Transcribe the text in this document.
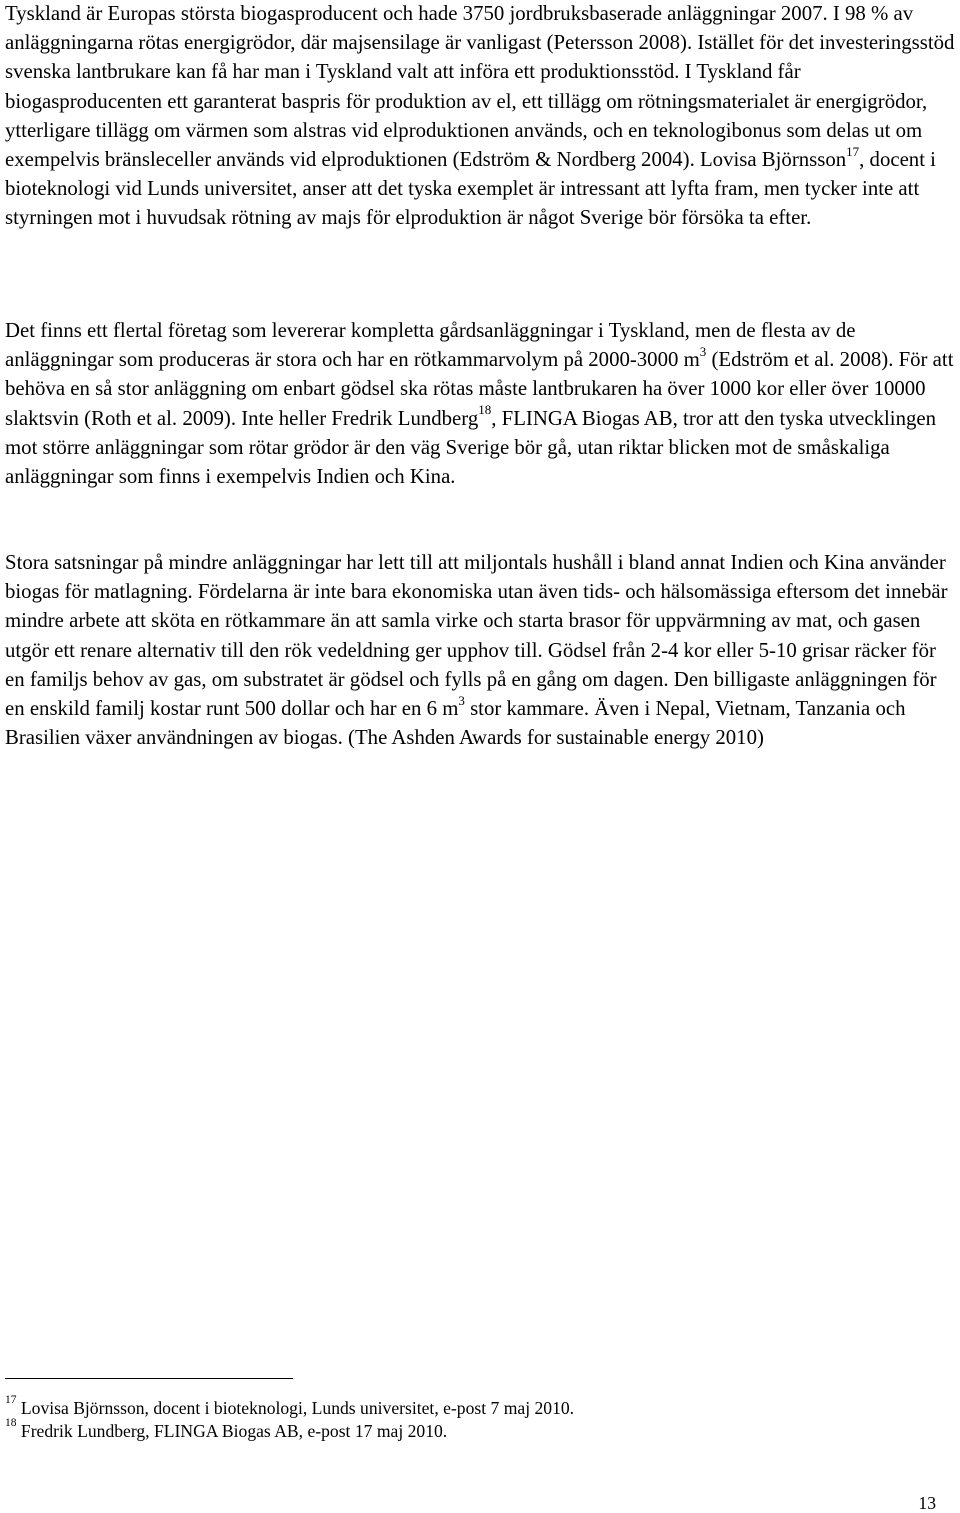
Tyskland är Europas största biogasproducent och hade 3750 jordbruksbaserade anläggningar 2007. I 98 % av anläggningarna rötas energigrödor, där majsensilage är vanligast (Petersson 2008). Istället för det investeringsstöd svenska lantbrukare kan få har man i Tyskland valt att införa ett produktionsstöd. I Tyskland får biogasproducenten ett garanterat baspris för produktion av el, ett tillägg om rötningsmaterialet är energigrödor, ytterligare tillägg om värmen som alstras vid elproduktionen används, och en teknologibonus som delas ut om exempelvis bränsleceller används vid elproduktionen (Edström & Nordberg 2004). Lovisa Björnsson$^{17}$, docent i bioteknologi vid Lunds universitet, anser att det tyska exemplet är intressant att lyfta fram, men tycker inte att styrningen mot i huvudsak rötning av majs för elproduktion är något Sverige bör försöka ta efter.

Det finns ett flertal företag som levererar kompletta gårdsanläggningar i Tyskland, men de flesta av de anläggningar som produceras är stora och har en rötkammarvolym på 2000-3000 $m^3$ (Edström et al. 2008). För att behöva en så stor anläggning om enbart gödsel ska rötas måste lantbrukaren ha över 1000 kor eller över 10000 slaktsvin (Roth et al. 2009). Inte heller Fredrik Lundberg$^{18}$, FLINGA Biogas AB, tror att den tyska utvecklingen mot större anläggningar som rötar grödor är den väg Sverige bör gå, utan riktar blicken mot de småskaliga anläggningar som finns i exempelvis Indien och Kina.

Stora satsningar på mindre anläggningar har lett till att miljontals hushåll i bland annat Indien och Kina använder biogas för matlagning. Fördelarna är inte bara ekonomiska utan även tids- och hälsomässiga eftersom det innebär mindre arbete att sköta en rötkammare än att samla virke och starta brasor för uppvärmning av mat, och gasen utgör ett renare alternativ till den rök vedeldning ger upphov till. Gödsel från 2-4 kor eller 5-10 grisar räcker för en familjs behov av gas, om substratet är gödsel och fylls på en gång om dagen. Den billigaste anläggningen för en enskild familj kostar runt 500 dollar och har en 6 $m^3$ stor kammare. Även i Nepal, Vietnam, Tanzania och Brasilien växer användningen av biogas. (The Ashden Awards for sustainable energy 2010)

$^{17}$ Lovisa Björnsson, docent i bioteknologi, Lunds universitet, e-post 7 maj 2010.

$^{18}$ Fredrik Lundberg, FLINGA Biogas AB, e-post 17 maj 2010.

13
